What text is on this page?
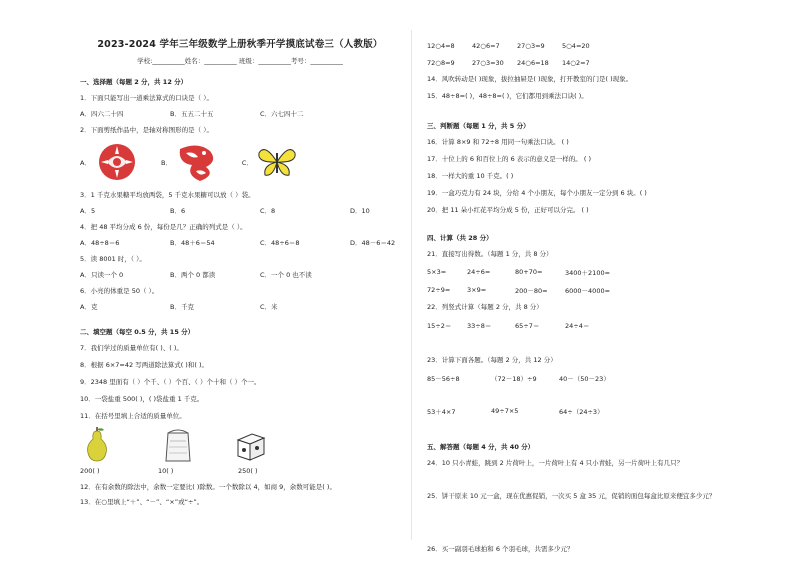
2023-2024 学年三年级数学上册秋季开学摸底试卷三（人教版）
学校:__________姓名：__________ 班级：__________考号：__________
一、选择题（每题 2 分，共 12 分）
1．下面只能写出一道乘法算式的口诀是（ ）。
A．四六二十四	B．五五二十五	C．六七四十二
2．下面剪纸作品中，是轴对称图形的是（ ）。
A．	B．	C．
3．1 千克水果糖平均放两袋，5 千克水果糖可以放（ ）袋。
A．5	B．6	C．8	D．10
4．把 48 平均分成 6 份，每份是几？正确的列式是（ ）。
A．48÷8＝6	B．48＋6＝54	C．48÷6＝8	D．48－6＝42
5．读 8001 时，（ ）。
A．只读一个 0	B．两个 0 都读	C．一个 0 也不读
6．小亮的体重是 50（ ）。
A．克	B．千克	C．米
二、填空题（每空 0.5 分，共 15 分）
7．我们学过的质量单位有( )、( )。
8．根据 6×7=42 写两道除法算式( )和( )。
9．2348 里面有（ ）个千、（ ）个百、（ ）个十和（ ）个一。
10．一袋盐重 500( )，( )袋盐重 1 千克。
11．在括号里填上合适的质量单位。
200( )	10( )	250( )
12．在有余数的除法中，余数一定要比( )除数。一个数除以 4，如商 9，余数可能是( )。
13．在○里填上“＋”、“－”、“×”或“÷”。
12○4=8	42○6=7	27○3=9	5○4=20
72○8=9	27○3=30	24○6=18	14○2=7
14．风吹转动是( )现象，拔拉抽屉是( )现象，打开教室的门是( )现象。
15．48÷8=( )，48÷8=( )，它们都用到乘法口诀( )。
三、判断题（每题 1 分，共 5 分）
16．计算 8×9 和 72÷8 用同一句乘法口诀。 ( )
17．十位上的 6 和百位上的 6 表示的意义是一样的。 ( )
18．一样大的重 10 千克。( )
19．一盒巧克力有 24 块，分给 4 个小朋友，每个小朋友一定分到 6 块。( )
20．把 11 朵小红花平均分成 5 份，正好可以分完。 ( )
四、计算（共 28 分）
21．直接写出得数。（每题 1 分，共 8 分）
5×3=	24÷6=	80+70=	3400＋2100=
72÷9=	3×9=	200－80=	6000－4000=
22．列竖式计算（每题 2 分，共 8 分）
15÷2＝	33÷8＝	65÷7＝	24÷4＝
23．计算下面各题。（每题 2 分，共 12 分）
85－56÷8	（72－18）÷9	40－（50－23）
53＋4×7	49÷7×5	64÷（24÷3）
五、解答题（每题 4 分，共 40 分）
24．10 只小青蛙，跳到 2 片荷叶上，一片荷叶上有 4 只小青蛙，另一片荷叶上有几只？
25．饼干原来 10 元一盒，现在优惠促销，一次买 5 盒 35 元，促销的面包每盒比原来便宜多少元？
26．买一副羽毛球拍和 6 个羽毛球，共需多少元？
